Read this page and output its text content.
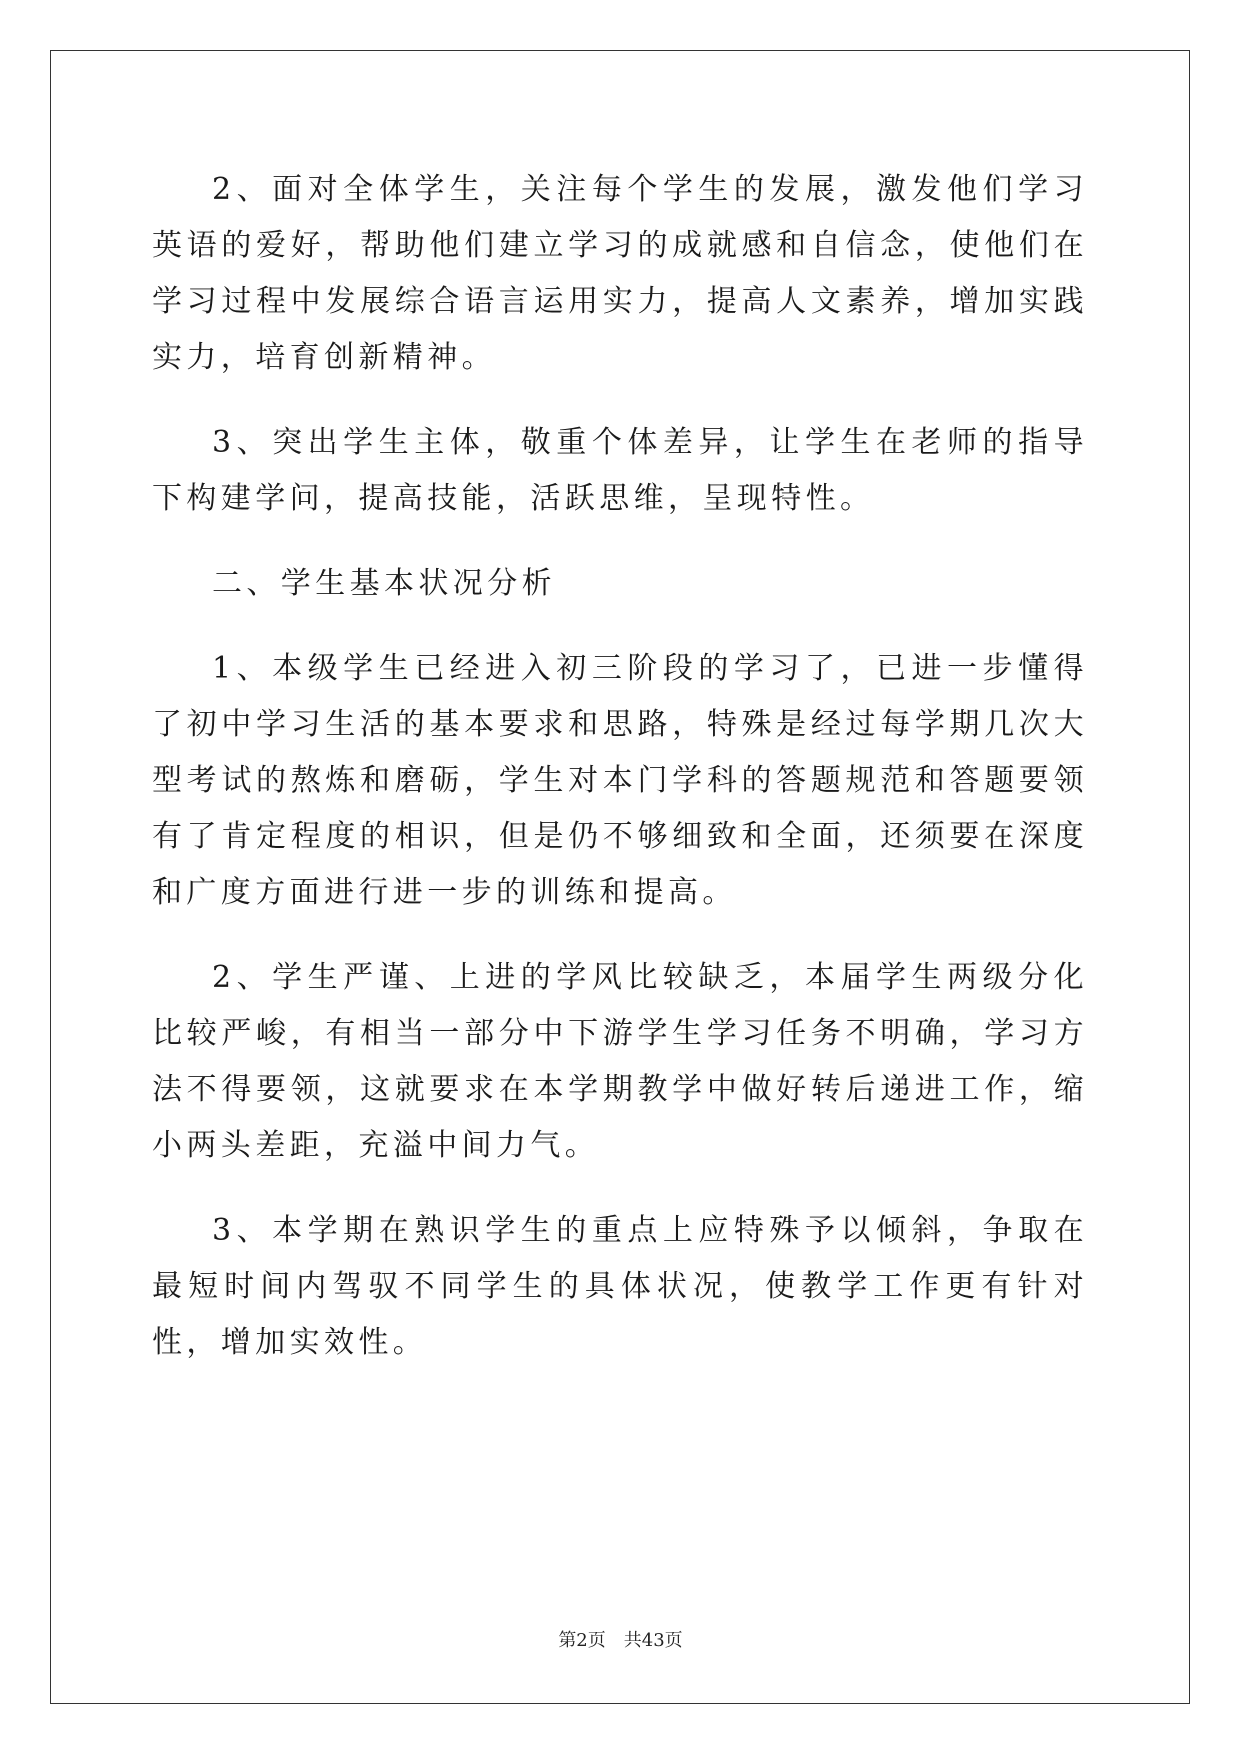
2、面对全体学生，关注每个学生的发展，激发他们学习英语的爱好，帮助他们建立学习的成就感和自信念，使他们在学习过程中发展综合语言运用实力，提高人文素养，增加实践实力，培育创新精神。

3、突出学生主体，敬重个体差异，让学生在老师的指导下构建学问，提高技能，活跃思维，呈现特性。

二、学生基本状况分析

1、本级学生已经进入初三阶段的学习了，已进一步懂得了初中学习生活的基本要求和思路，特殊是经过每学期几次大型考试的熬炼和磨砺，学生对本门学科的答题规范和答题要领有了肯定程度的相识，但是仍不够细致和全面，还须要在深度和广度方面进行进一步的训练和提高。

2、学生严谨、上进的学风比较缺乏，本届学生两级分化比较严峻，有相当一部分中下游学生学习任务不明确，学习方法不得要领，这就要求在本学期教学中做好转后递进工作，缩小两头差距，充溢中间力气。

3、本学期在熟识学生的重点上应特殊予以倾斜，争取在最短时间内驾驭不同学生的具体状况，使教学工作更有针对性，增加实效性。

第2页　共43页
